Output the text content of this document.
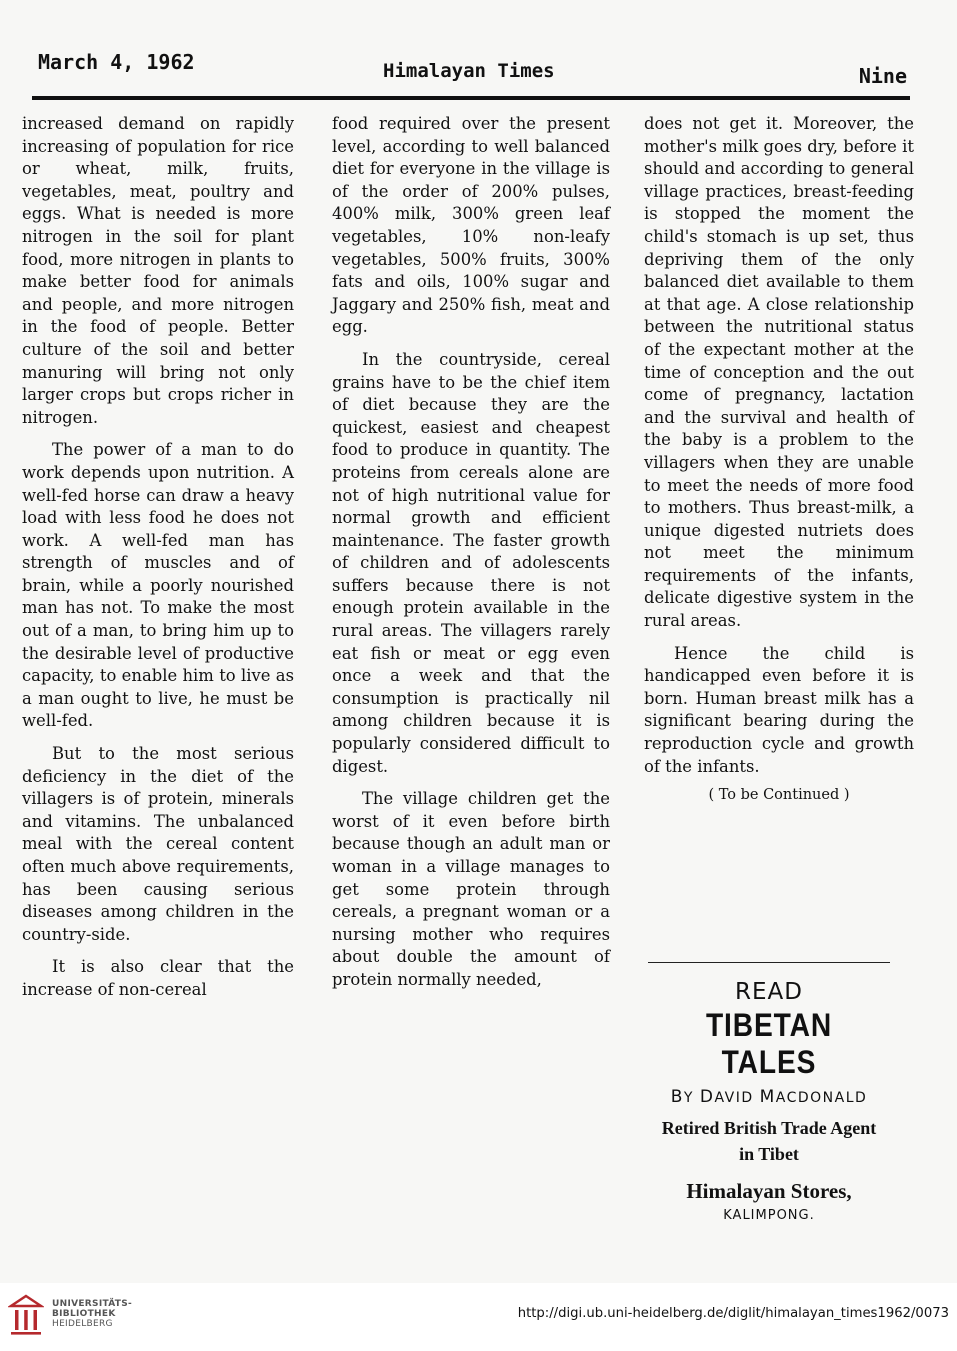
March 4, 1962	Himalayan Times	Nine

increased demand on rapidly increasing of population for rice or wheat, milk, fruits, vegetables, meat, poultry and eggs. What is needed is more nitrogen in the soil for plant food, more nitrogen in plants to make better food for animals and people, and more nitrogen in the food of people. Better culture of the soil and better manuring will bring not only larger crops but crops richer in nitrogen.

The power of a man to do work depends upon nutrition. A well-fed horse can draw a heavy load with less food he does not work. A well-fed man has strength of muscles and of brain, while a poorly nourished man has not. To make the most out of a man, to bring him up to the desirable level of productive capacity, to enable him to live as a man ought to live, he must be well-fed.

But to the most serious deficiency in the diet of the villagers is of protein, minerals and vitamins. The unbalanced meal with the cereal content often much above requirements, has been causing serious diseases among children in the country-side.

It is also clear that the increase of non-cereal

food required over the present level, according to well balanced diet for everyone in the village is of the order of 200% pulses, 400% milk, 300% green leaf vegetables, 10% non-leafy vegetables, 500% fruits, 300% fats and oils, 100% sugar and Jaggary and 250% fish, meat and egg.

In the countryside, cereal grains have to be the chief item of diet because they are the quickest, easiest and cheapest food to produce in quantity. The proteins from cereals alone are not of high nutritional value for normal growth and efficient maintenance. The faster growth of children and of adolescents suffers because there is not enough protein available in the rural areas. The villagers rarely eat fish or meat or egg even once a week and that the consumption is practically nil among children because it is popularly considered difficult to digest.

The village children get the worst of it even before birth because though an adult man or woman in a village manages to get some protein through cereals, a pregnant woman or a nursing mother who requires about double the amount of protein normally needed,

does not get it. Moreover, the mother's milk goes dry, before it should and according to general village practices, breast-feeding is stopped the moment the child's stomach is up set, thus depriving them of the only balanced diet available to them at that age. A close relationship between the nutritional status of the expectant mother at the time of conception and the out come of pregnancy, lactation and the survival and health of the baby is a problem to the villagers when they are unable to meet the needs of more food to mothers. Thus breast-milk, a unique digested nutriets does not meet the minimum requirements of the infants, delicate digestive system in the rural areas.

Hence the child is handicapped even before it is born. Human breast milk has a significant bearing during the reproduction cycle and growth of the infants.

( To be Continued )
READ
TIBETAN TALES
BY DAVID MACDONALD
Retired British Trade Agent
in Tibet
Himalayan Stores,
KALIMPONG.
UNIVERSITÄTS-
BIBLIOTHEK
HEIDELBERG
http://digi.ub.uni-heidelberg.de/diglit/himalayan_times1962/0073
